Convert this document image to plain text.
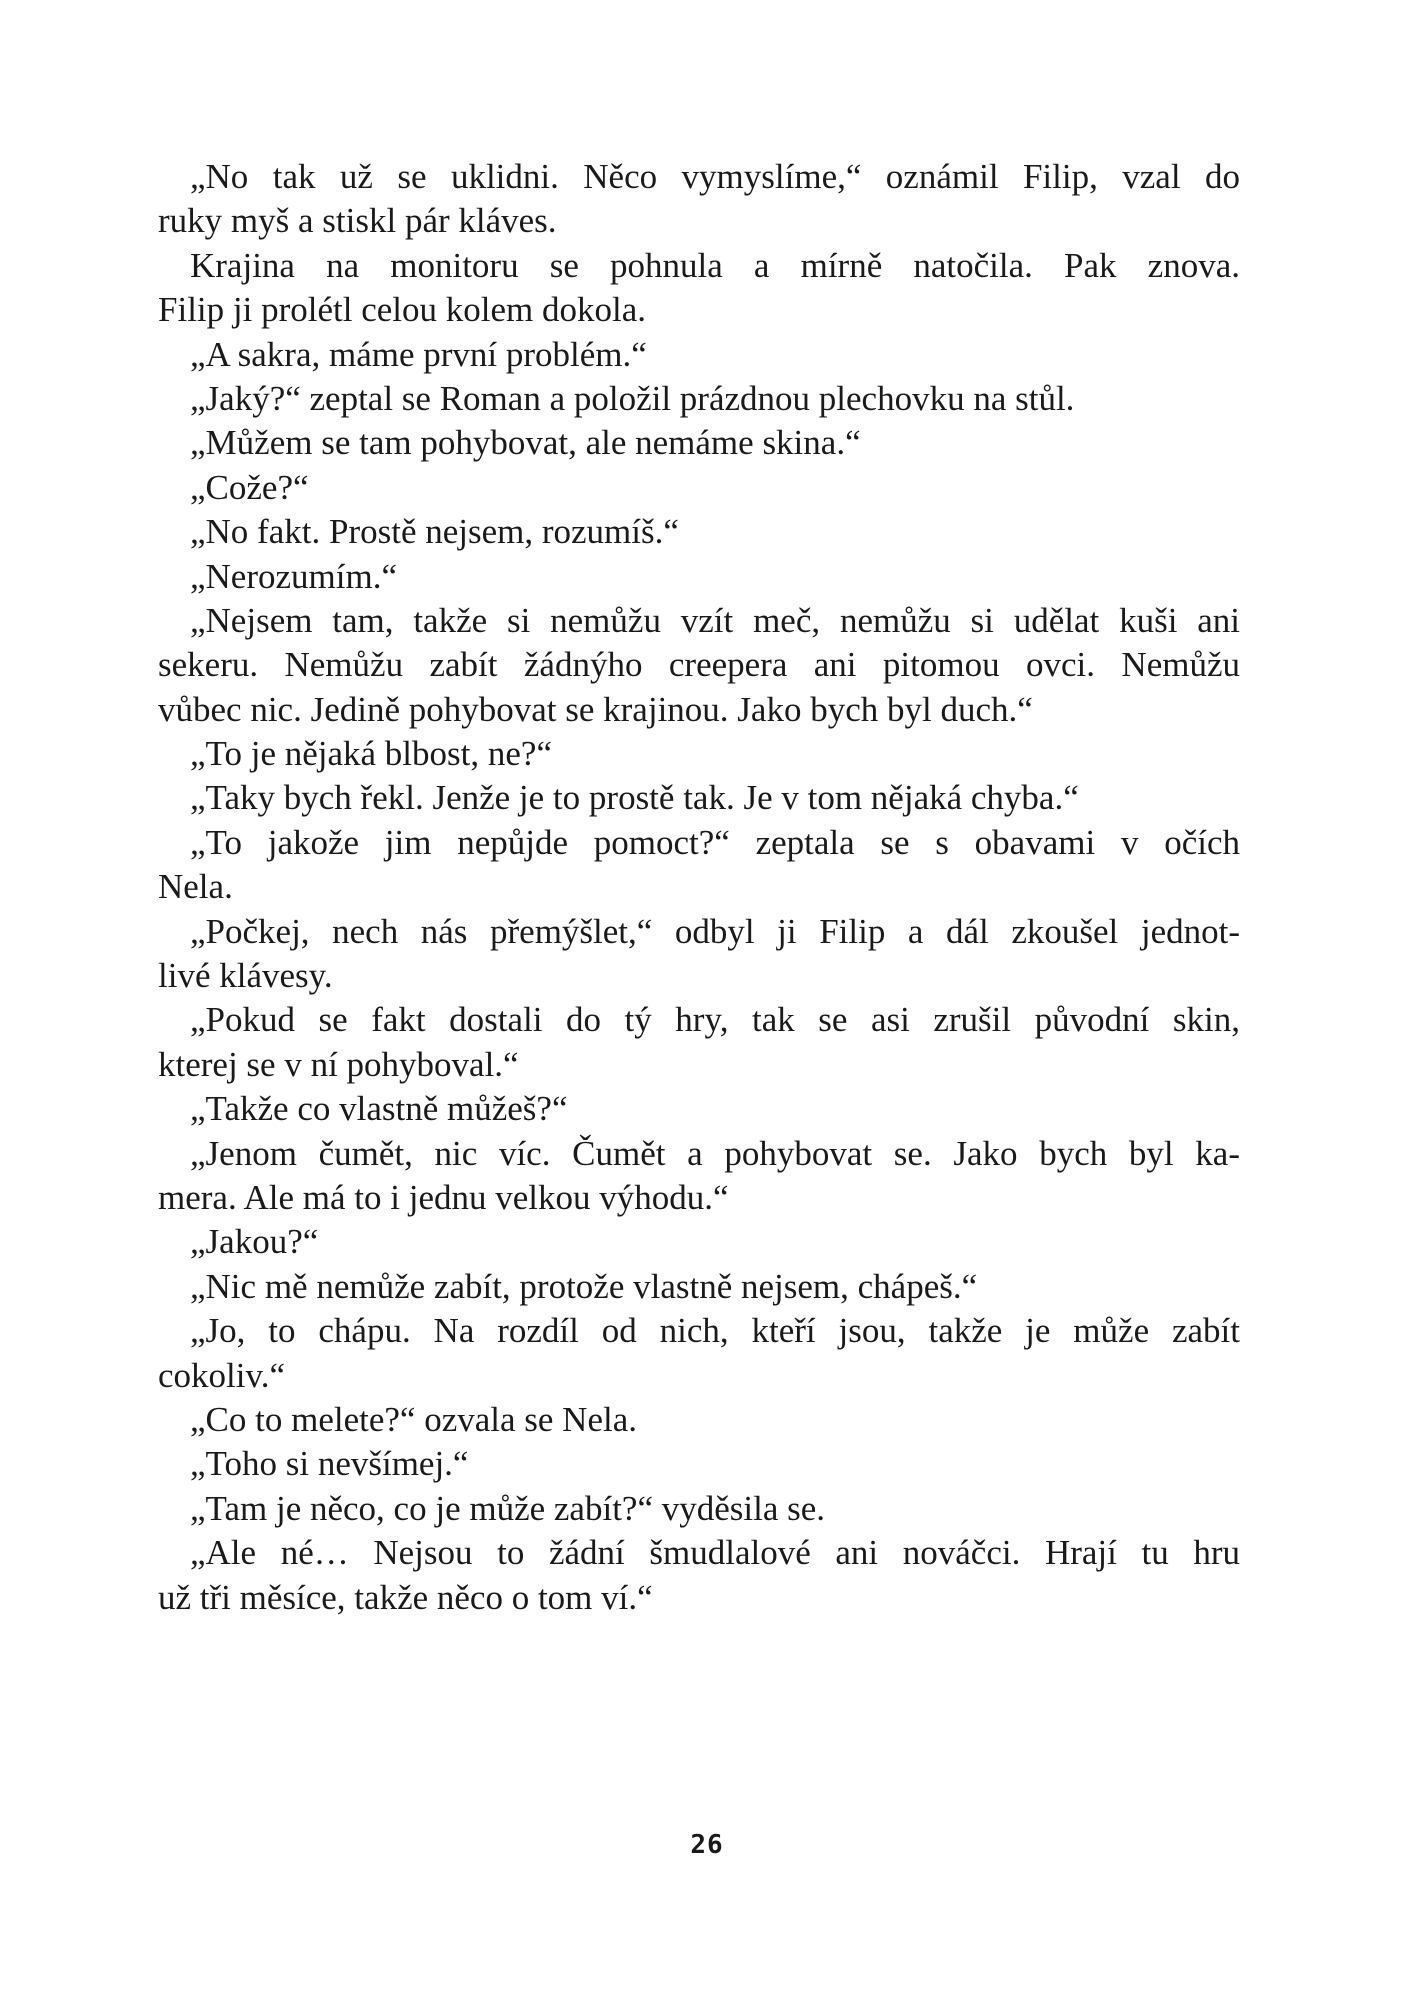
„No tak už se uklidni. Něco vymyslíme,“ oznámil Filip, vzal do
ruky myš a stiskl pár kláves.
Krajina na monitoru se pohnula a mírně natočila. Pak znova.
Filip ji prolétl celou kolem dokola.
„A sakra, máme první problém.“
„Jaký?“ zeptal se Roman a položil prázdnou plechovku na stůl.
„Můžem se tam pohybovat, ale nemáme skina.“
„Cože?“
„No fakt. Prostě nejsem, rozumíš.“
„Nerozumím.“
„Nejsem tam, takže si nemůžu vzít meč, nemůžu si udělat kuši ani
sekeru. Nemůžu zabít žádnýho creepera ani pitomou ovci. Nemůžu
vůbec nic. Jedině pohybovat se krajinou. Jako bych byl duch.“
„To je nějaká blbost, ne?“
„Taky bych řekl. Jenže je to prostě tak. Je v tom nějaká chyba.“
„To jakože jim nepůjde pomoct?“ zeptala se s obavami v očích
Nela.
„Počkej, nech nás přemýšlet,“ odbyl ji Filip a dál zkoušel jednot-
livé klávesy.
„Pokud se fakt dostali do tý hry, tak se asi zrušil původní skin,
kterej se v ní pohyboval.“
„Takže co vlastně můžeš?“
„Jenom čumět, nic víc. Čumět a pohybovat se. Jako bych byl ka-
mera. Ale má to i jednu velkou výhodu.“
„Jakou?“
„Nic mě nemůže zabít, protože vlastně nejsem, chápeš.“
„Jo, to chápu. Na rozdíl od nich, kteří jsou, takže je může zabít
cokoliv.“
„Co to melete?“ ozvala se Nela.
„Toho si nevšímej.“
„Tam je něco, co je může zabít?“ vyděsila se.
„Ale né… Nejsou to žádní šmudlalové ani nováčci. Hrají tu hru
už tři měsíce, takže něco o tom ví.“
26
